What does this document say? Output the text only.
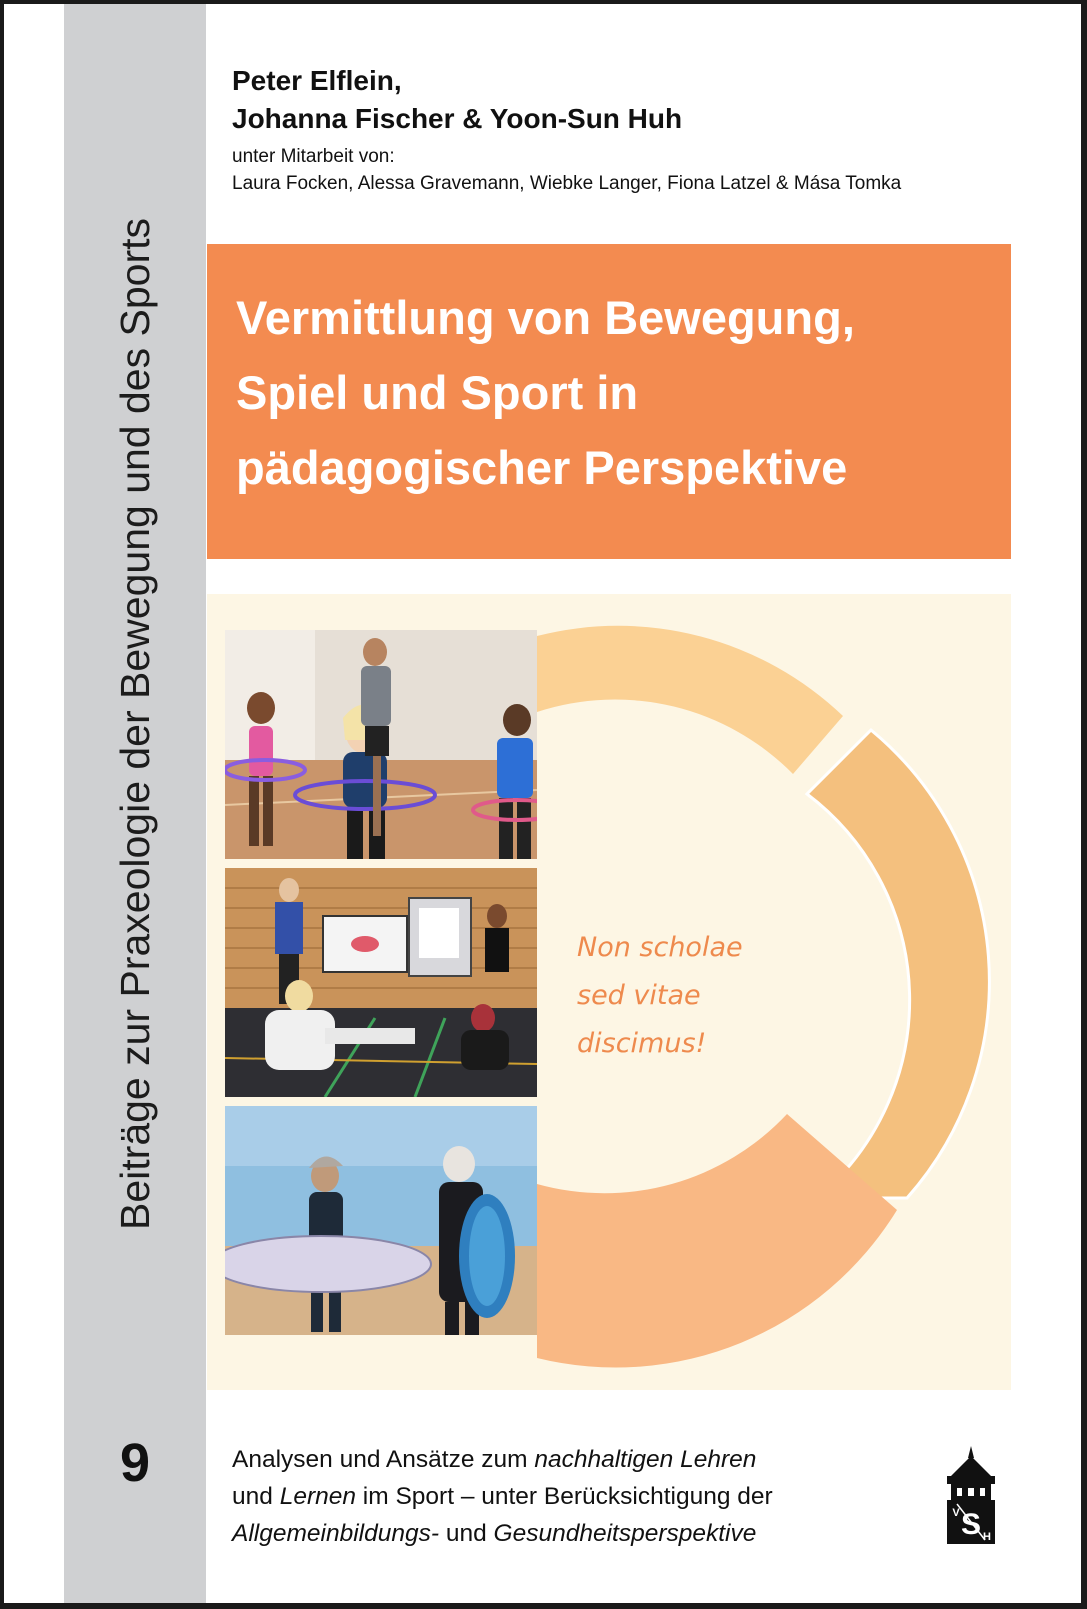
Beiträge zur Praxeologie der Bewegung und des Sports
9
Peter Elflein,
Johanna Fischer & Yoon-Sun Huh
unter Mitarbeit von:
Laura Focken, Alessa Gravemann, Wiebke Langer, Fiona Latzel & Mása Tomka
Vermittlung von Bewegung,
Spiel und Sport in
pädagogischer Perspektive
Non scholae
sed vitae
discimus!
Analysen und Ansätze zum nachhaltigen Lehren
und Lernen im Sport – unter Berücksichtigung der
Allgemeinbildungs- und Gesundheitsperspektive	S
V
H
